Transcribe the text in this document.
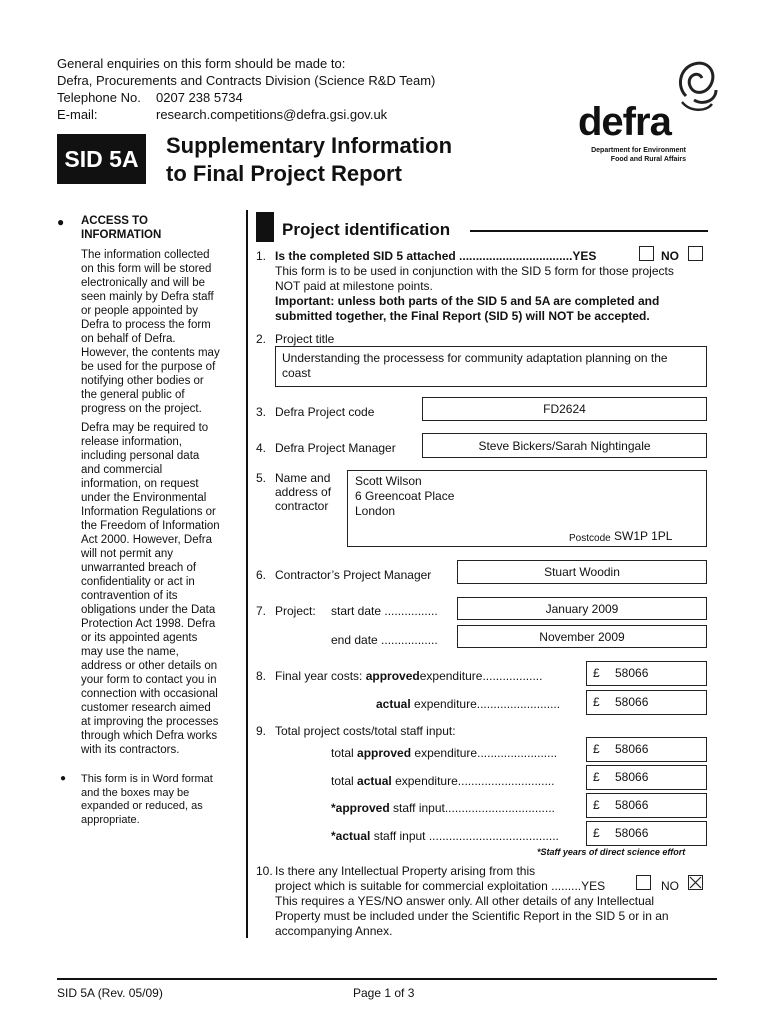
General enquiries on this form should be made to:
Defra, Procurements and Contracts Division (Science R&D Team)
Telephone No. 0207 238 5734
E-mail:	research.competitions@defra.gsi.gov.uk
SID 5A	Supplementary Information
to Final Project Report
defra
Department for Environment
Food and Rural Affairs
● ACCESS TO
INFORMATION
The information collected
on this form will be stored
electronically and will be
seen mainly by Defra staff
or people appointed by
Defra to process the form
on behalf of Defra.
However, the contents may
be used for the purpose of
notifying other bodies or
the general public of
progress on the project.
Defra may be required to
release information,
including personal data
and commercial
information, on request
under the Environmental
Information Regulations or
the Freedom of Information
Act 2000. However, Defra
will not permit any
unwarranted breach of
confidentiality or act in
contravention of its
obligations under the Data
Protection Act 1998. Defra
or its appointed agents
may use the name,
address or other details on
your form to contact you in
connection with occasional
customer research aimed
at improving the processes
through which Defra works
with its contractors.
● This form is in Word format
and the boxes may be
expanded or reduced, as
appropriate.
Project identification
1. Is the completed SID 5 attached ..................................YES	NO
This form is to be used in conjunction with the SID 5 form for those projects
NOT paid at milestone points.
Important: unless both parts of the SID 5 and 5A are completed and
submitted together, the Final Report (SID 5) will NOT be accepted.
2. Project title
Understanding the processess for community adaptation planning on the
coast
3. Defra Project code	FD2624
4. Defra Project Manager	Steve Bickers/Sarah Nightingale
5. Name and
address of
contractor
Scott Wilson
6 Greencoat Place
London
Postcode SW1P 1PL
6. Contractor’s Project Manager	Stuart Woodin
7. Project: start date ................	January 2009
end date .................	November 2009
8. Final year costs: approvedexpenditure..................	£ 58066
actual expenditure.........................	£ 58066
9. Total project costs/total staff input:
total approved expenditure........................	£ 58066
total actual expenditure.............................	£ 58066
*approved staff input.................................	£ 58066
*actual staff input .......................................	£ 58066
*Staff years of direct science effort
10. Is there any Intellectual Property arising from this
project which is suitable for commercial exploitation .........YES	NO
This requires a YES/NO answer only. All other details of any Intellectual
Property must be included under the Scientific Report in the SID 5 or in an
accompanying Annex.
SID 5A (Rev. 05/09)	Page 1 of 3
